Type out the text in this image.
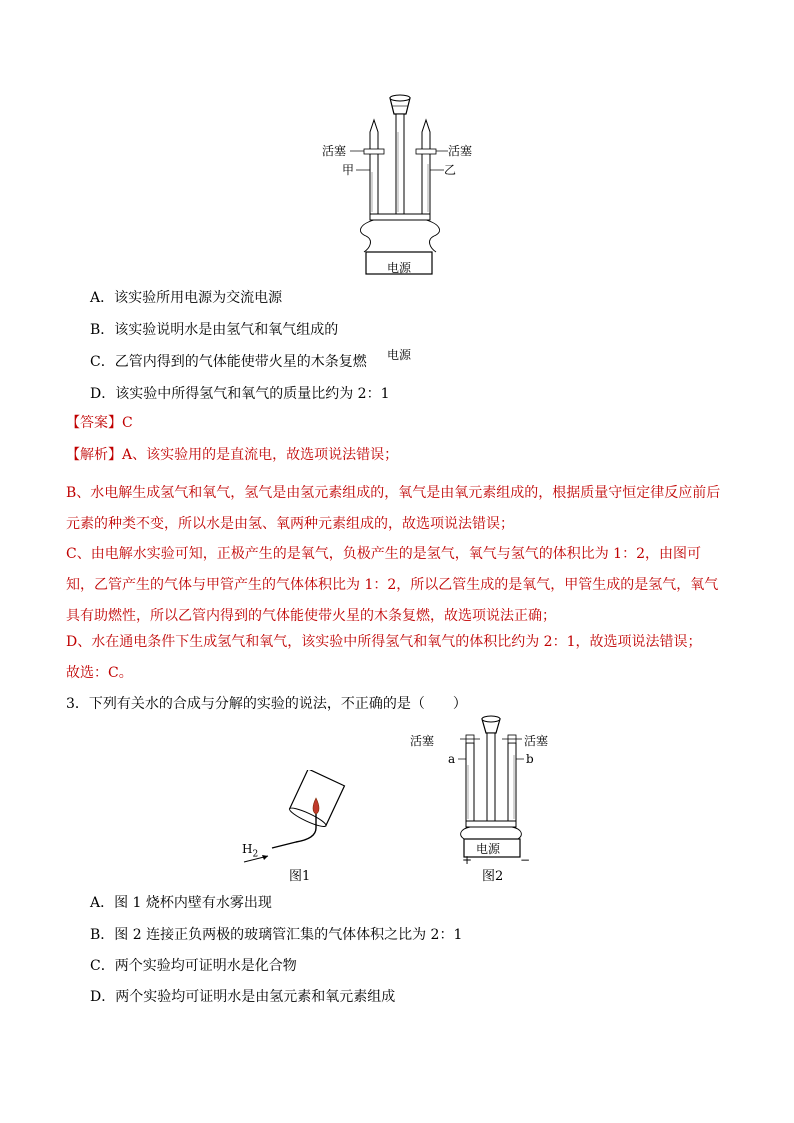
活塞	活塞
甲	乙
电源
电源
A．该实验所用电源为交流电源
B．该实验说明水是由氢气和氧气组成的
C．乙管内得到的气体能使带火星的木条复燃
D．该实验中所得氢气和氧气的质量比约为 2：1
【答案】C
【解析】A、该实验用的是直流电，故选项说法错误；
B、水电解生成氢气和氧气，氢气是由氢元素组成的，氧气是由氧元素组成的，根据质量守恒定律反应前后元素的种类不变，所以水是由氢、氧两种元素组成的，故选项说法错误；
C、由电解水实验可知，正极产生的是氧气，负极产生的是氢气，氧气与氢气的体积比为 1：2，由图可知，乙管产生的气体与甲管产生的气体体积比为 1：2，所以乙管生成的是氧气，甲管生成的是氢气，氧气具有助燃性，所以乙管内得到的气体能使带火星的木条复燃，故选项说法正确；
D、水在通电条件下生成氢气和氧气，该实验中所得氢气和氧气的体积比约为 2：1，故选项说法错误；
故选：C。
3．下列有关水的合成与分解的实验的说法，不正确的是（　　）
$H_2$
图1
活塞	活塞
a	b
电源
+	−
图2
A．图 1 烧杯内壁有水雾出现
B．图 2 连接正负两极的玻璃管汇集的气体体积之比为 2：1
C．两个实验均可证明水是化合物
D．两个实验均可证明水是由氢元素和氧元素组成
